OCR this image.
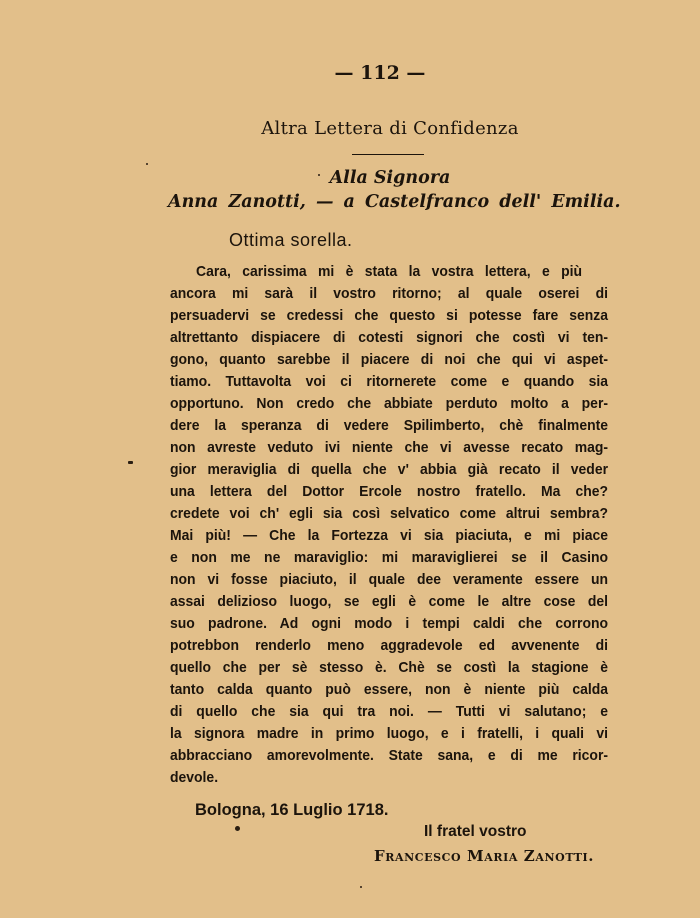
— 112 —
Altra Lettera di Confidenza
Alla Signora
Anna Zanotti, — a Castelfranco dell' Emilia.
Ottima sorella.
Cara, carissima mi è stata la vostra lettera, e più
ancora mi sarà il vostro ritorno; al quale oserei di
persuadervi se credessi che questo si potesse fare senza
altrettanto dispiacere di cotesti signori che costì vi ten-
gono, quanto sarebbe il piacere di noi che qui vi aspet-
tiamo. Tuttavolta voi ci ritornerete come e quando sia
opportuno. Non credo che abbiate perduto molto a per-
dere la speranza di vedere Spilimberto, chè finalmente
non avreste veduto ivi niente che vi avesse recato mag-
gior meraviglia di quella che v' abbia già recato il veder
una lettera del Dottor Ercole nostro fratello. Ma che?
credete voi ch' egli sia così selvatico come altrui sembra?
Mai più! — Che la Fortezza vi sia piaciuta, e mi piace
e non me ne maraviglio: mi maraviglierei se il Casino
non vi fosse piaciuto, il quale dee veramente essere un
assai delizioso luogo, se egli è come le altre cose del
suo padrone. Ad ogni modo i tempi caldi che corrono
potrebbon renderlo meno aggradevole ed avvenente di
quello che per sè stesso è. Chè se costì la stagione è
tanto calda quanto può essere, non è niente più calda
di quello che sia qui tra noi. — Tutti vi salutano; e
la signora madre in primo luogo, e i fratelli, i quali vi
abbracciano amorevolmente. State sana, e di me ricor-
devole.
Bologna, 16 Luglio 1718.
Il fratel vostro
Francesco Maria Zanotti.
